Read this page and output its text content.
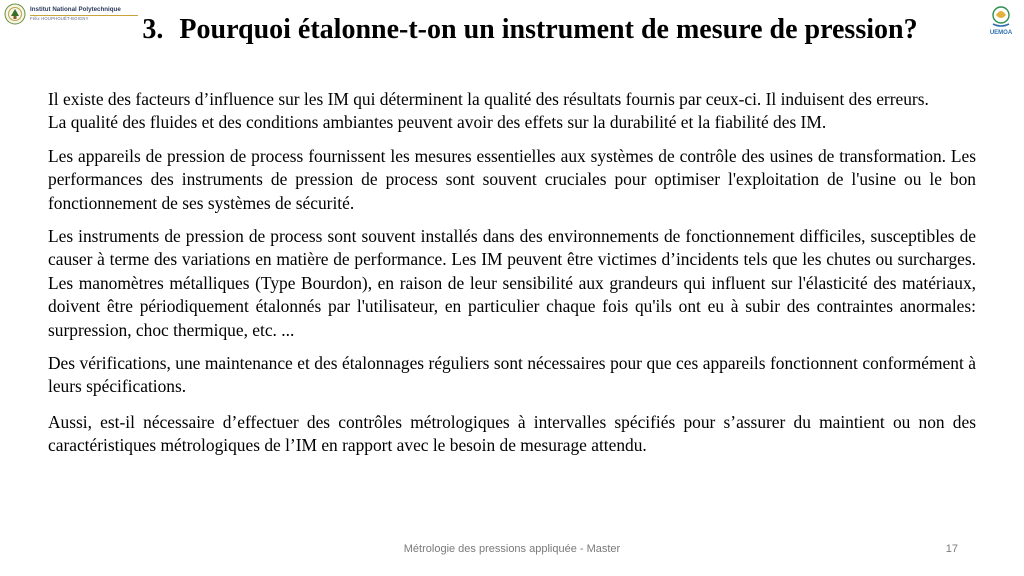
Institut National Polytechnique
Félix HOUPHOUËT-BOIGNY
UEMOA
3. Pourquoi étalonne-t-on un instrument de mesure de pression?

Il existe des facteurs d’influence sur les IM qui déterminent la qualité des résultats fournis par ceux-ci. Il induisent des erreurs.

La qualité des fluides et des conditions ambiantes peuvent avoir des effets sur la durabilité et la fiabilité des IM.

Les appareils de pression de process fournissent les mesures essentielles aux systèmes de contrôle des usines de transformation. Les performances des instruments de pression de process sont souvent cruciales pour optimiser l'exploitation de l'usine ou le bon fonctionnement de ses systèmes de sécurité.

Les instruments de pression de process sont souvent installés dans des environnements de fonctionnement difficiles, susceptibles de causer à terme des variations en matière de performance. Les IM peuvent être victimes d’incidents tels que les chutes ou surcharges. Les manomètres métalliques (Type Bourdon), en raison de leur sensibilité aux grandeurs qui influent sur l'élasticité des matériaux, doivent être périodiquement étalonnés par l'utilisateur, en particulier chaque fois qu'ils ont eu à subir des contraintes anormales: surpression, choc thermique, etc. ...

Des vérifications, une maintenance et des étalonnages réguliers sont nécessaires pour que ces appareils fonctionnent conformément à leurs spécifications.

Aussi, est-il nécessaire d’effectuer des contrôles métrologiques à intervalles spécifiés pour s’assurer du maintient ou non des caractéristiques métrologiques de l’IM en rapport avec le besoin de mesurage attendu.

Métrologie des pressions appliquée - Master	17
